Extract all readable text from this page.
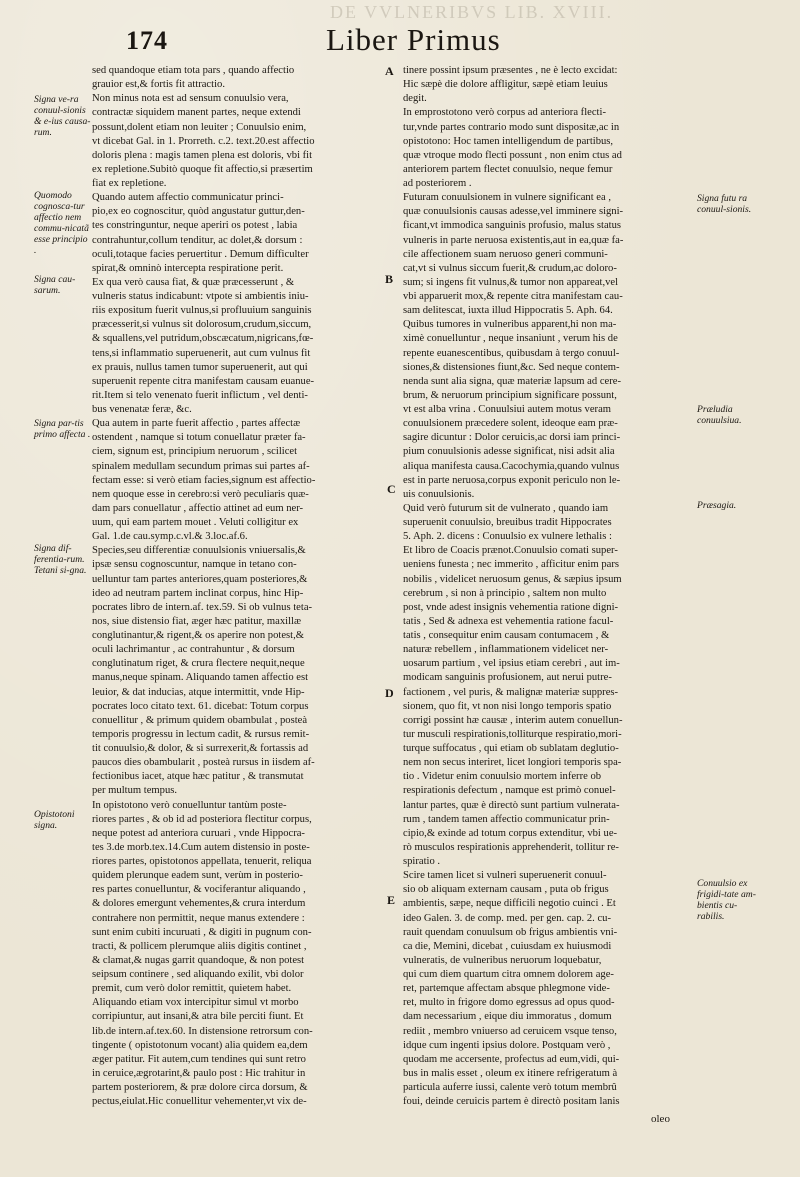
DE VVLNERIBVS LIB. XVIII.
174	Liber Primus
Signa ve-ra conuul-sionis & e-ius causa-rum.
Quomodo cognosca-tur affectio nem commu-nicatã esse principio .
Signa cau-sarum.
Signa par-tis primo affecta .
Signa dif-ferentia-rum. Tetani si-gna.
Opistotoni signa.
Signa futu ra conuul-sionis.
Præludia conuulsiua.
Præsagia.
Conuulsio ex frigidi-tate am-bientis cu-rabilis.
A
B
C
D
E

sed quandoque etiam tota pars , quando affectio

grauior est,& fortis fit attractio.

Non minus nota est ad sensum conuulsio vera,

contractæ siquidem manent partes, neque extendi

possunt,dolent etiam non leuiter ; Conuulsio enim,

vt dicebat Gal. in 1. Prorreth. c.2. text.20.est affectio

doloris plena : magis tamen plena est doloris, vbi fit

ex repletione.Subitò quoque fit affectio,si præsertim

fiat ex repletione.

Quando autem affectio communicatur princi-

pio,ex eo cognoscitur, quòd angustatur guttur,den-

tes constringuntur, neque aperiri os potest , labia

contrahuntur,collum tenditur, ac dolet,& dorsum :

oculi,totaque facies peruertitur . Demum difficulter

spirat,& omninò intercepta respiratione perit.

Ex qua verò causa fiat, & quæ præcesserunt , &

vulneris status indicabunt: vtpote si ambientis iniu-

riis expositum fuerit vulnus,si profluuium sanguinis

præcesserit,si vulnus sit dolorosum,crudum,siccum,

& squallens,vel putridum,obscæcatum,nigricans,fœ-

tens,si inflammatio superuenerit, aut cum vulnus fit

ex prauis, nullus tamen tumor superuenerit, aut qui

superuenit repente citra manifestam causam euanue-

rit.Item si telo venenato fuerit inflictum , vel denti-

bus venenatæ feræ, &c.

Qua autem in parte fuerit affectio , partes affectæ

ostendent , namque si totum conuellatur præter fa-

ciem, signum est, principium neruorum , scilicet

spinalem medullam secundum primas sui partes af-

fectam esse: si verò etiam facies,signum est affectio-

nem quoque esse in cerebro:si verò peculiaris quæ-

dam pars conuellatur , affectio attinet ad eum ner-

uum, qui eam partem mouet . Veluti colligitur ex

Gal. 1.de cau.symp.c.vl.& 3.loc.af.6.

Species,seu differentiæ conuulsionis vniuersalis,&

ipsæ sensu cognoscuntur, namque in tetano con-

uelluntur tam partes anteriores,quam posteriores,&

ideo ad neutram partem inclinat corpus, hinc Hip-

pocrates libro de intern.af. tex.59. Si ob vulnus teta-

nos, siue distensio fiat, æger hæc patitur, maxillæ

conglutinantur,& rigent,& os aperire non potest,&

oculi lachrimantur , ac contrahuntur , & dorsum

conglutinatum riget, & crura flectere nequit,neque

manus,neque spinam. Aliquando tamen affectio est

leuior, & dat inducias, atque intermittit, vnde Hip-

pocrates loco citato text. 61. dicebat: Totum corpus

conuellitur , & primum quidem obambulat , posteà

temporis progressu in lectum cadit, & rursus remit-

tit conuulsio,& dolor, & si surrexerit,& fortassis ad

paucos dies obambularit , posteà rursus in iisdem af-

fectionibus iacet, atque hæc patitur , & transmutat

per multum tempus.

In opistotono verò conuelluntur tantùm poste-

riores partes , & ob id ad posteriora flectitur corpus,

neque potest ad anteriora curuari , vnde Hippocra-

tes 3.de morb.tex.14.Cum autem distensio in poste-

riores partes, opistotonos appellata, tenuerit, reliqua

quidem plerunque eadem sunt, verùm in posterio-

res partes conuelluntur, & vociferantur aliquando ,

& dolores emergunt vehementes,& crura interdum

contrahere non permittit, neque manus extendere :

sunt enim cubiti incuruati , & digiti in pugnum con-

tracti, & pollicem plerumque aliis digitis continet ,

& clamat,& nugas garrit quandoque, & non potest

seipsum continere , sed aliquando exilit, vbi dolor

premit, cum verò dolor remittit, quietem habet.

Aliquando etiam vox intercipitur simul vt morbo

corripiuntur, aut insani,& atra bile perciti fiunt. Et

lib.de intern.af.tex.60. In distensione retrorsum con-

tingente ( opistotonum vocant) alia quidem ea,dem

æger patitur. Fit autem,cum tendines qui sunt retro

in ceruice,ægrotarint,& paulo post : Hic trahitur in

partem posteriorem, & præ dolore circa dorsum, &

pectus,eiulat.Hic conuellitur vehementer,vt vix de-

tinere possint ipsum præsentes , ne è lecto excidat:

Hic sæpè die dolore affligitur, sæpè etiam leuius

degit.

In emprostotono verò corpus ad anteriora flecti-

tur,vnde partes contrario modo sunt dispositæ,ac in

opistotono: Hoc tamen intelligendum de partibus,

quæ vtroque modo flecti possunt , non enim ctus ad

anteriorem partem flectet conuulsio, neque femur

ad posteriorem .

Futuram conuulsionem in vulnere significant ea ,

quæ conuulsionis causas adesse,vel imminere signi-

ficant,vt immodica sanguinis profusio, malus status

vulneris in parte neruosa existentis,aut in ea,quæ fa-

cile affectionem suam neruoso generi communi-

cat,vt si vulnus siccum fuerit,& crudum,ac doloro-

sum; si ingens fit vulnus,& tumor non appareat,vel

vbi apparuerit mox,& repente citra manifestam cau-

sam delitescat, iuxta illud Hippocratis 5. Aph. 64.

Quibus tumores in vulneribus apparent,hi non ma-

ximè conuelluntur , neque insaniunt , verum his de

repente euanescentibus, quibusdam à tergo conuul-

siones,& distensiones fiunt,&c. Sed neque contem-

nenda sunt alia signa, quæ materiæ lapsum ad cere-

brum, & neruorum principium significare possunt,

vt est alba vrina . Conuulsiui autem motus veram

conuulsionem præcedere solent, ideoque eam præ-

sagire dicuntur : Dolor ceruicis,ac dorsi iam princi-

pium conuulsionis adesse significat, nisi adsit alia

aliqua manifesta causa.Cacochymia,quando vulnus

est in parte neruosa,corpus exponit periculo non le-

uis conuulsionis.

Quid verò futurum sit de vulnerato , quando iam

superuenit conuulsio, breuibus tradit Hippocrates

5. Aph. 2. dicens : Conuulsio ex vulnere lethalis :

Et libro de Coacis prænot.Conuulsio comati super-

ueniens funesta ; nec immerito , afficitur enim pars

nobilis , videlicet neruosum genus, & sæpius ipsum

cerebrum , si non à principio , saltem non multo

post, vnde adest insignis vehementia ratione digni-

tatis , Sed & adnexa est vehementia ratione facul-

tatis , consequitur enim causam contumacem , &

naturæ rebellem , inflammationem videlicet ner-

uosarum partium , vel ipsius etiam cerebri , aut im-

modicam sanguinis profusionem, aut nerui putre-

factionem , vel puris, & malignæ materiæ suppres-

sionem, quo fit, vt non nisi longo temporis spatio

corrigi possint hæ causæ , interim autem conuellun-

tur musculi respirationis,tolliturque respiratio,mori-

turque suffocatus , qui etiam ob sublatam deglutio-

nem non secus interiret, licet longiori temporis spa-

tio . Videtur enim conuulsio mortem inferre ob

respirationis defectum , namque est primò conuel-

lantur partes, quæ è directò sunt partium vulnerata-

rum , tandem tamen affectio communicatur prin-

cipio,& exinde ad totum corpus extenditur, vbi ue-

rò musculos respirationis apprehenderit, tollitur re-

spiratio .

Scire tamen licet si vulneri superuenerit conuul-

sio ob aliquam externam causam , puta ob frigus

ambientis, sæpe, neque difficili negotio cuinci . Et

ideo Galen. 3. de comp. med. per gen. cap. 2. cu-

rauit quendam conuulsum ob frigus ambientis vni-

ca die, Memini, dicebat , cuiusdam ex huiusmodi

vulneratis, de vulneribus neruorum loquebatur,

qui cum diem quartum citra omnem dolorem age-

ret, partemque affectam absque phlegmone vide-

ret, multo in frigore domo egressus ad opus quod-

dam necessarium , eique diu immoratus , domum

rediit , membro vniuerso ad ceruicem vsque tenso,

idque cum ingenti ipsius dolore. Postquam verò ,

quodam me accersente, profectus ad eum,vidi, qui-

bus in malis esset , oleum ex itinere refrigeratum à

particula auferre iussi, calente verò totum membrû

foui, deinde ceruicis partem è directò positam lanis

oleo
